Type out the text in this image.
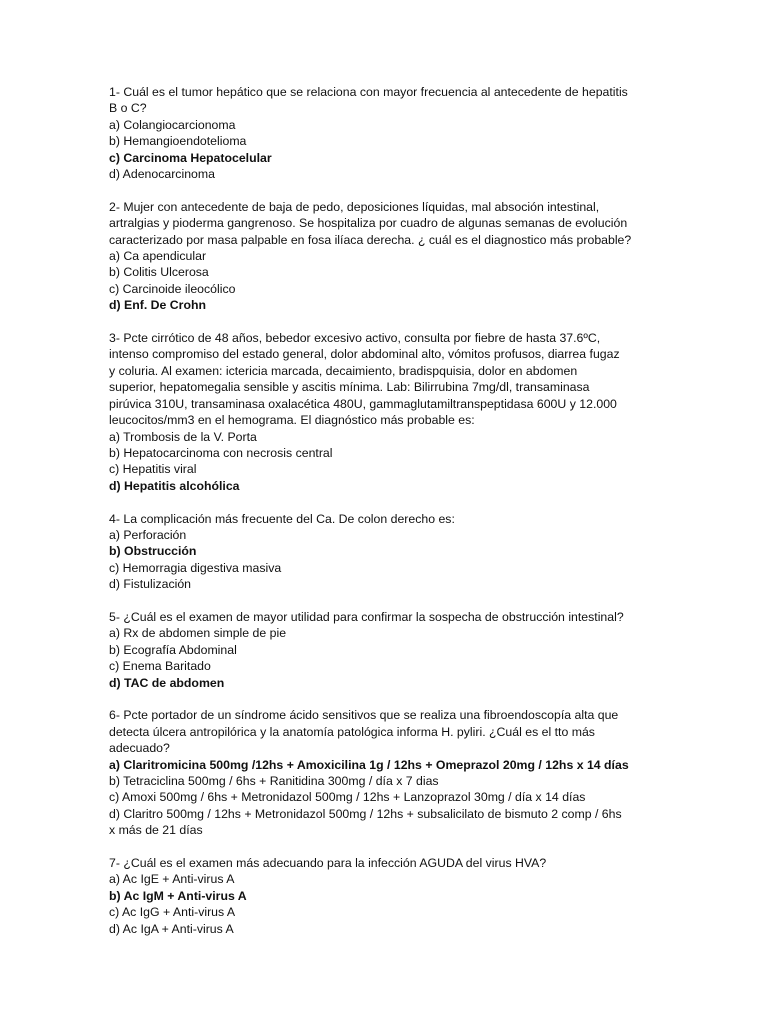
1- Cuál es el tumor hepático que se relaciona con mayor frecuencia al antecedente de hepatitis
B o C?
a) Colangiocarcionoma
b) Hemangioendotelioma
c) Carcinoma Hepatocelular
d) Adenocarcinoma
2- Mujer con antecedente de baja de pedo, deposiciones líquidas, mal absoción intestinal,
artralgias y pioderma gangrenoso. Se hospitaliza por cuadro de algunas semanas de evolución
caracterizado por masa palpable en fosa ilíaca derecha. ¿ cuál es el diagnostico más probable?
a) Ca apendicular
b) Colitis Ulcerosa
c) Carcinoide ileocólico
d) Enf. De Crohn
3- Pcte cirrótico de 48 años, bebedor excesivo activo, consulta por fiebre de hasta 37.6ºC,
intenso compromiso del estado general, dolor abdominal alto, vómitos profusos, diarrea fugaz
y coluria. Al examen: ictericia marcada, decaimiento, bradispquisia, dolor en abdomen
superior, hepatomegalia sensible y ascitis mínima. Lab: Bilirrubina 7mg/dl, transaminasa
pirúvica 310U, transaminasa oxalacética 480U, gammaglutamiltranspeptidasa 600U y 12.000
leucocitos/mm3 en el hemograma. El diagnóstico más probable es:
a) Trombosis de la V. Porta
b) Hepatocarcinoma con necrosis central
c) Hepatitis viral
d) Hepatitis alcohólica
4- La complicación más frecuente del Ca. De colon derecho es:
a) Perforación
b) Obstrucción
c) Hemorragia digestiva masiva
d) Fistulización
5- ¿Cuál es el examen de mayor utilidad para confirmar la sospecha de obstrucción intestinal?
a) Rx de abdomen simple de pie
b) Ecografía Abdominal
c) Enema Baritado
d) TAC de abdomen
6- Pcte portador de un síndrome ácido sensitivos que se realiza una fibroendoscopía alta que
detecta úlcera antropilórica y la anatomía patológica informa H. pyliri. ¿Cuál es el tto más
adecuado?
a) Claritromicina 500mg /12hs + Amoxicilina 1g / 12hs + Omeprazol 20mg / 12hs x 14 días
b) Tetraciclina 500mg / 6hs + Ranitidina 300mg / día x 7 dias
c) Amoxi 500mg / 6hs + Metronidazol 500mg / 12hs + Lanzoprazol 30mg / día x 14 días
d) Claritro 500mg / 12hs + Metronidazol 500mg / 12hs + subsalicilato de bismuto 2 comp / 6hs
x más de 21 días
7- ¿Cuál es el examen más adecuando para la infección AGUDA del virus HVA?
a) Ac IgE + Anti-virus A
b) Ac IgM + Anti-virus A
c) Ac IgG + Anti-virus A
d) Ac IgA + Anti-virus A
